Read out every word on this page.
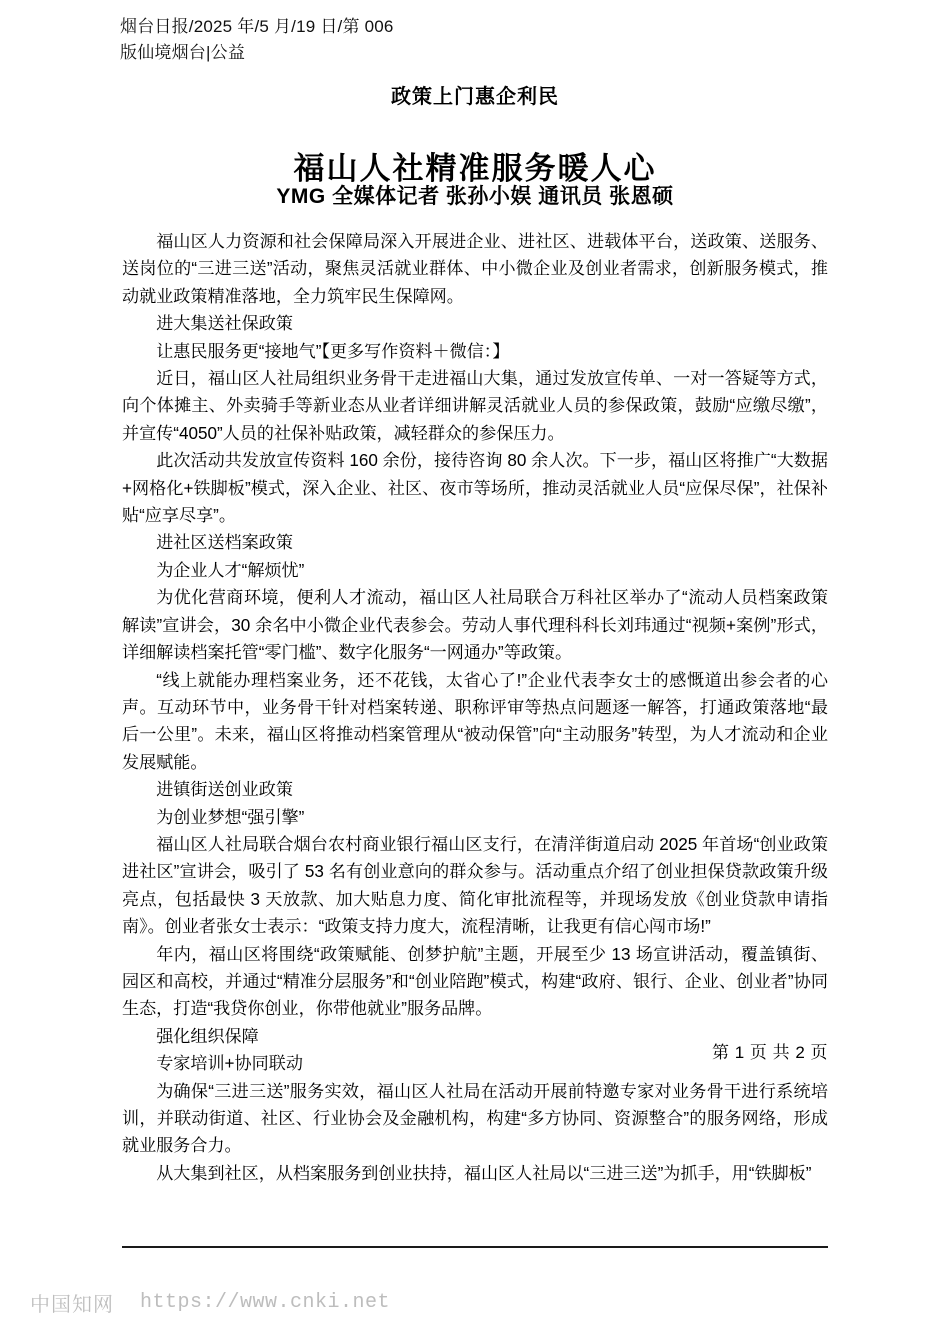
烟台日报/2025 年/5 月/19 日/第 006
版仙境烟台|公益
政策上门惠企利民
福山人社精准服务暖人心
YMG 全媒体记者 张孙小娱 通讯员 张恩硕

福山区人力资源和社会保障局深入开展进企业、进社区、进载体平台，送政策、送服务、送岗位的“三进三送”活动，聚焦灵活就业群体、中小微企业及创业者需求，创新服务模式，推动就业政策精准落地，全力筑牢民生保障网。

进大集送社保政策

让惠民服务更“接地气”【更多写作资料＋微信：】

近日，福山区人社局组织业务骨干走进福山大集，通过发放宣传单、一对一答疑等方式，向个体摊主、外卖骑手等新业态从业者详细讲解灵活就业人员的参保政策，鼓励“应缴尽缴”，并宣传“4050”人员的社保补贴政策，减轻群众的参保压力。

此次活动共发放宣传资料 160 余份，接待咨询 80 余人次。下一步，福山区将推广“大数据+网格化+铁脚板”模式，深入企业、社区、夜市等场所，推动灵活就业人员“应保尽保”，社保补贴“应享尽享”。

进社区送档案政策

为企业人才“解烦忧”

为优化营商环境，便利人才流动，福山区人社局联合万科社区举办了“流动人员档案政策解读”宣讲会，30 余名中小微企业代表参会。劳动人事代理科科长刘玮通过“视频+案例”形式，详细解读档案托管“零门槛”、数字化服务“一网通办”等政策。

“线上就能办理档案业务，还不花钱，太省心了!”企业代表李女士的感慨道出参会者的心声。互动环节中，业务骨干针对档案转递、职称评审等热点问题逐一解答，打通政策落地“最后一公里”。未来，福山区将推动档案管理从“被动保管”向“主动服务”转型，为人才流动和企业发展赋能。

进镇街送创业政策

为创业梦想“强引擎”

福山区人社局联合烟台农村商业银行福山区支行，在清洋街道启动 2025 年首场“创业政策进社区”宣讲会，吸引了 53 名有创业意向的群众参与。活动重点介绍了创业担保贷款政策升级亮点，包括最快 3 天放款、加大贴息力度、简化审批流程等，并现场发放《创业贷款申请指南》。创业者张女士表示：“政策支持力度大，流程清晰，让我更有信心闯市场!”

年内，福山区将围绕“政策赋能、创梦护航”主题，开展至少 13 场宣讲活动，覆盖镇街、园区和高校，并通过“精准分层服务”和“创业陪跑”模式，构建“政府、银行、企业、创业者”协同生态，打造“我贷你创业，你带他就业”服务品牌。

强化组织保障

专家培训+协同联动

为确保“三进三送”服务实效，福山区人社局在活动开展前特邀专家对业务骨干进行系统培训，并联动街道、社区、行业协会及金融机构，构建“多方协同、资源整合”的服务网络，形成就业服务合力。

从大集到社区，从档案服务到创业扶持，福山区人社局以“三进三送”为抓手，用“铁脚板”

第 1 页 共 2 页
中国知网 https://www.cnki.net
